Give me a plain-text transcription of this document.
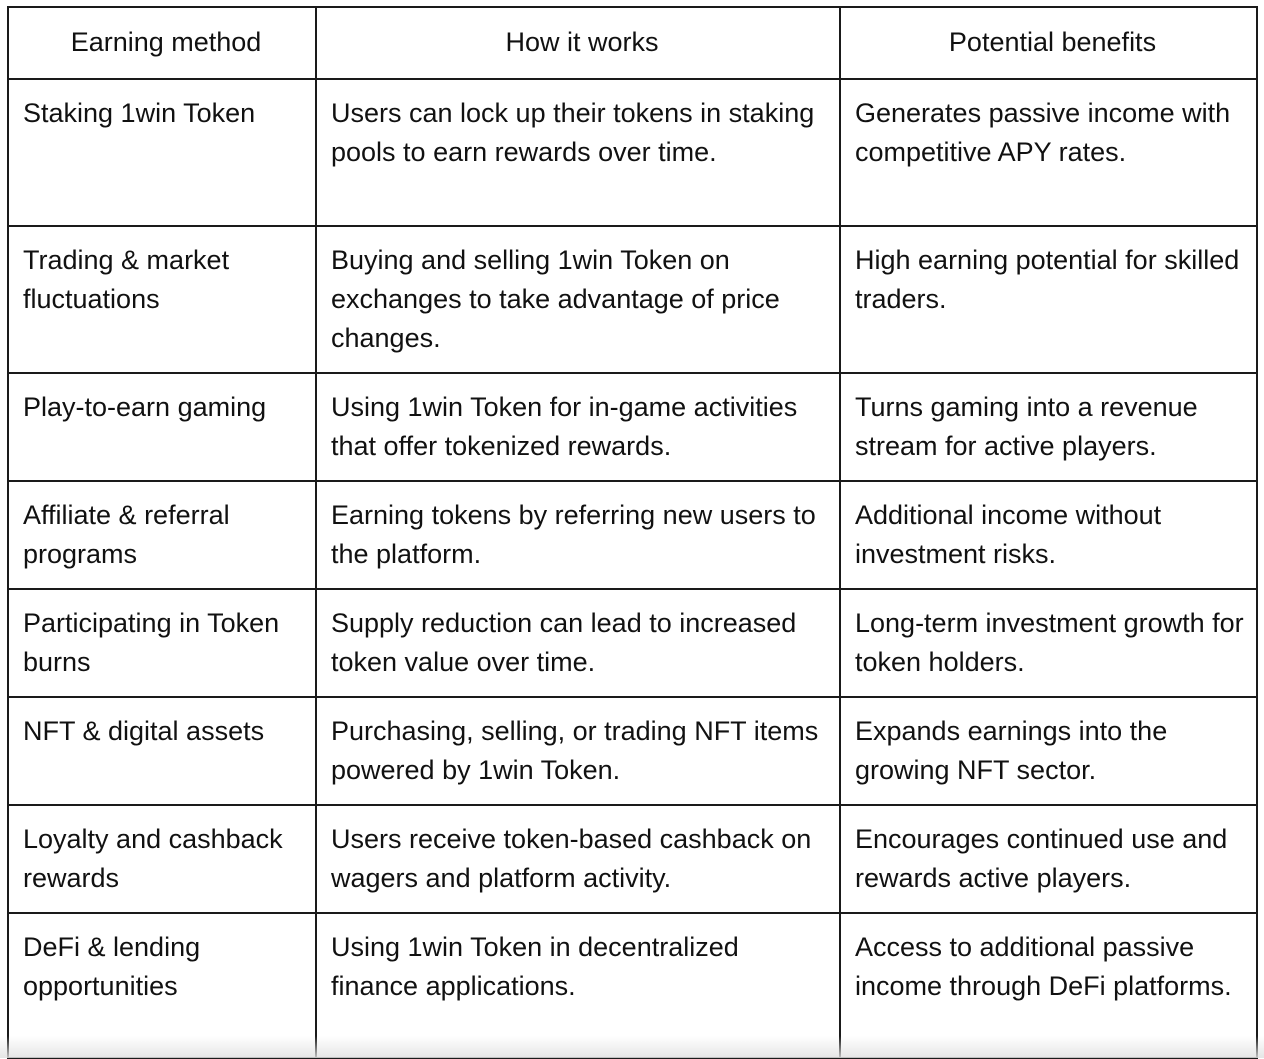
Earning method	How it works	Potential benefits
Staking 1win Token	Users can lock up their tokens in staking pools to earn rewards over time.	Generates passive income with competitive APY rates.
Trading & market fluctuations	Buying and selling 1win Token on exchanges to take advantage of price changes.	High earning potential for skilled traders.
Play-to-earn gaming	Using 1win Token for in-game activities that offer tokenized rewards.	Turns gaming into a revenue stream for active players.
Affiliate & referral programs	Earning tokens by referring new users to the platform.	Additional income without investment risks.
Participating in Token burns	Supply reduction can lead to increased token value over time.	Long-term investment growth for token holders.
NFT & digital assets	Purchasing, selling, or trading NFT items powered by 1win Token.	Expands earnings into the growing NFT sector.
Loyalty and cashback rewards	Users receive token-based cashback on wagers and platform activity.	Encourages continued use and rewards active players.
DeFi & lending opportunities	Using 1win Token in decentralized finance applications.	Access to additional passive income through DeFi platforms.
